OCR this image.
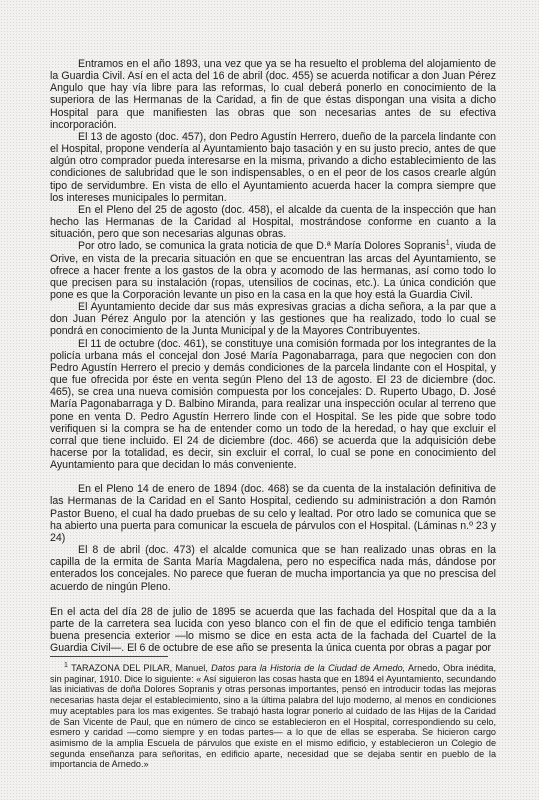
Entramos en el año 1893, una vez que ya se ha resuelto el problema del alojamiento de la Guardia Civil. Así en el acta del 16 de abril (doc. 455) se acuerda notificar a don Juan Pérez Angulo que hay vía libre para las reformas, lo cual deberá ponerlo en conocimiento de la superiora de las Hermanas de la Caridad, a fin de que éstas dispongan una visita a dicho Hospital para que manifiesten las obras que son necesarias antes de su efectiva incorporación.

El 13 de agosto (doc. 457), don Pedro Agustín Herrero, dueño de la parcela lindante con el Hospital, propone vendería al Ayuntamiento bajo tasación y en su justo precio, antes de que algún otro comprador pueda interesarse en la misma, privando a dicho establecimiento de las condiciones de salubridad que le son indispensables, o en el peor de los casos crearle algún tipo de servidumbre. En vista de ello el Ayuntamiento acuerda hacer la compra siempre que los intereses municipales lo permitan.

En el Pleno del 25 de agosto (doc. 458), el alcalde da cuenta de la inspección que han hecho las Hermanas de la Caridad al Hospital, mostrándose conforme en cuanto a la situación, pero que son necesarias algunas obras.

Por otro lado, se comunica la grata noticia de que D.ª María Dolores Sopranis$^1$, viuda de Orive, en vista de la precaria situación en que se encuentran las arcas del Ayuntamiento, se ofrece a hacer frente a los gastos de la obra y acomodo de las hermanas, así como todo lo que precisen para su instalación (ropas, utensilios de cocinas, etc.). La única condición que pone es que la Corporación levante un piso en la casa en la que hoy está la Guardia Civil.

El Ayuntamiento decide dar sus más expresivas gracias a dicha señora, a la par que a don Juan Pérez Angulo por la atención y las gestiones que ha realizado, todo lo cual se pondrá en conocimiento de la Junta Municipal y de la Mayores Contribuyentes.

El 11 de octubre (doc. 461), se constituye una comisión formada por los integrantes de la policía urbana más el concejal don José María Pagonabarraga, para que negocien con don Pedro Agustín Herrero el precio y demás condiciones de la parcela lindante con el Hospital, y que fue ofrecida por éste en venta según Pleno del 13 de agosto. El 23 de diciembre (doc. 465), se crea una nueva comisión compuesta por los concejales: D. Ruperto Ubago, D. José María Pagonabarraga y D. Balbino Miranda, para realizar una inspección ocular al terreno que pone en venta D. Pedro Agustín Herrero linde con el Hospital. Se les pide que sobre todo verifiquen si la compra se ha de entender como un todo de la heredad, o hay que excluir el corral que tiene incluido. El 24 de diciembre (doc. 466) se acuerda que la adquisición debe hacerse por la totalidad, es decir, sin excluir el corral, lo cual se pone en conocimiento del Ayuntamiento para que decidan lo más conveniente.

En el Pleno 14 de enero de 1894 (doc. 468) se da cuenta de la instalación definitiva de las Hermanas de la Caridad en el Santo Hospital, cediendo su administración a don Ramón Pastor Bueno, el cual ha dado pruebas de su celo y lealtad. Por otro lado se comunica que se ha abierto una puerta para comunicar la escuela de párvulos con el Hospital. (Láminas n.º 23 y 24)

El 8 de abril (doc. 473) el alcalde comunica que se han realizado unas obras en la capilla de la ermita de Santa María Magdalena, pero no especifica nada más, dándose por enterados los concejales. No parece que fueran de mucha importancia ya que no prescisa del acuerdo de ningún Pleno.

En el acta del día 28 de julio de 1895 se acuerda que las fachada del Hospital que da a la parte de la carretera sea lucida con yeso blanco con el fin de que el edificio tenga también buena presencia exterior —lo mismo se dice en esta acta de la fachada del Cuartel de la Guardia Civil—. El 6 de octubre de ese año se presenta la única cuenta por obras a pagar por

$^1$ TARAZONA DEL PILAR, Manuel, Datos para la Historia de la Ciudad de Arnedo, Arnedo, Obra inédita, sin paginar, 1910. Dice lo siguiente: « Así siguieron las cosas hasta que en 1894 el Ayuntamiento, secundando las iniciativas de doña Dolores Sopranis y otras personas importantes, pensó en introducir todas las mejoras necesarias hasta dejar el establecimiento, sino a la última palabra del lujo moderno, al menos en condiciones muy aceptables para los mas exigentes. Se trabajó hasta lograr ponerlo al cuidado de las Hijas de la Caridad de San Vicente de Paul, que en número de cinco se establecieron en el Hospital, correspondiendo su celo, esmero y caridad —como siempre y en todas partes— a lo que de ellas se esperaba. Se hicieron cargo asimismo de la amplia Escuela de párvulos que existe en el mismo edificio, y establecieron un Colegio de segunda enseñanza para señoritas, en edificio aparte, necesidad que se dejaba sentir en pueblo de la importancia de Arnedo.»
